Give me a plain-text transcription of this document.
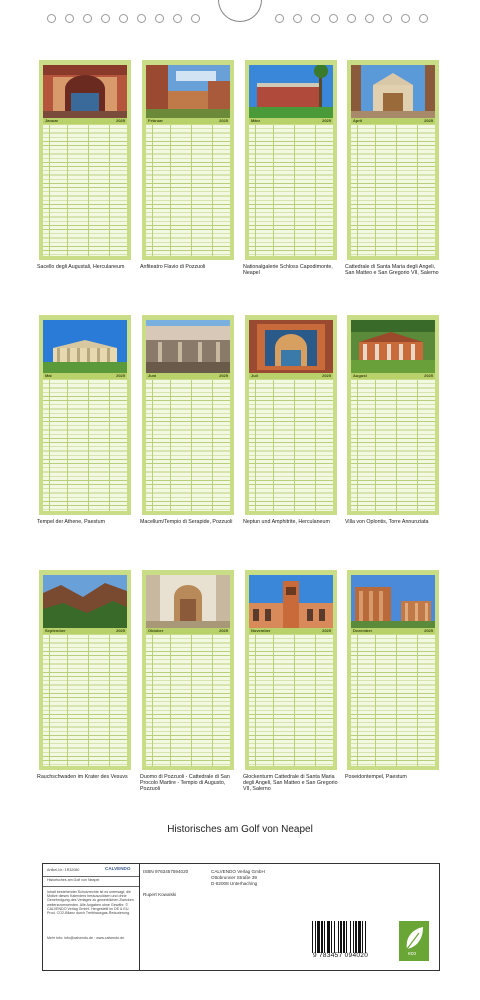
Januar	2025
Sacello degli Augustali, Herculaneum
Februar	2025
Anfiteatro Flavio di Pozzuoli
März	2025
Nationalgalerie Schloss Capodimonte, Neapel
April	2025
Cattedrale di Santa Maria degli Angeli, San Matteo e San Gregorio VII, Salerno
Mai	2025
Tempel der Athene, Paestum
Juni	2025
Macellum/Tempio di Serapide, Pozzuoli
Juli	2025
Neptun und Amphitrite, Herculaneum
August	2025
Villa von Oplontis, Torre Annunziata
September	2025
Rauchschwaden im Krater des Vesuvs
Oktober	2025
Duomo di Pozzuoli - Cattedrale di San Procolo Martire - Tempio di Augusto, Pozzuoli
November	2025
Glockenturm Cattedrale di Santa Maria degli Angeli, San Matteo e San Gregorio VII, Salerno
Dezember	2025
Poseidontempel, Paestum
Historisches am Golf von Neapel
Artikel-Nr.: 1R32080	CALVENDO
Historisches am Golf von Neapel
Inhalt bestehender Schutzrechte ist es untersagt, die Motive dieses Kalenders herauszulösen und ohne Genehmigung des Verlages zu gewerblichen Zwecken weiterzuverwenden. Alle Angaben ohne Gewähr. © CALVENDO Verlag GmbH. Hergestellt im DE & EU. Prod. CO2-Bilanz durch Treibhausgas-Reduzierung.
Mehr Info: info@calvendo.de · www.calvendo.de
ISBN 9783457594020
Rupert Kowalski
CALVENDO Verlag GmbH
Ottobrunner Straße 39
D-82008 Unterhaching
9 783457 094020	eco
